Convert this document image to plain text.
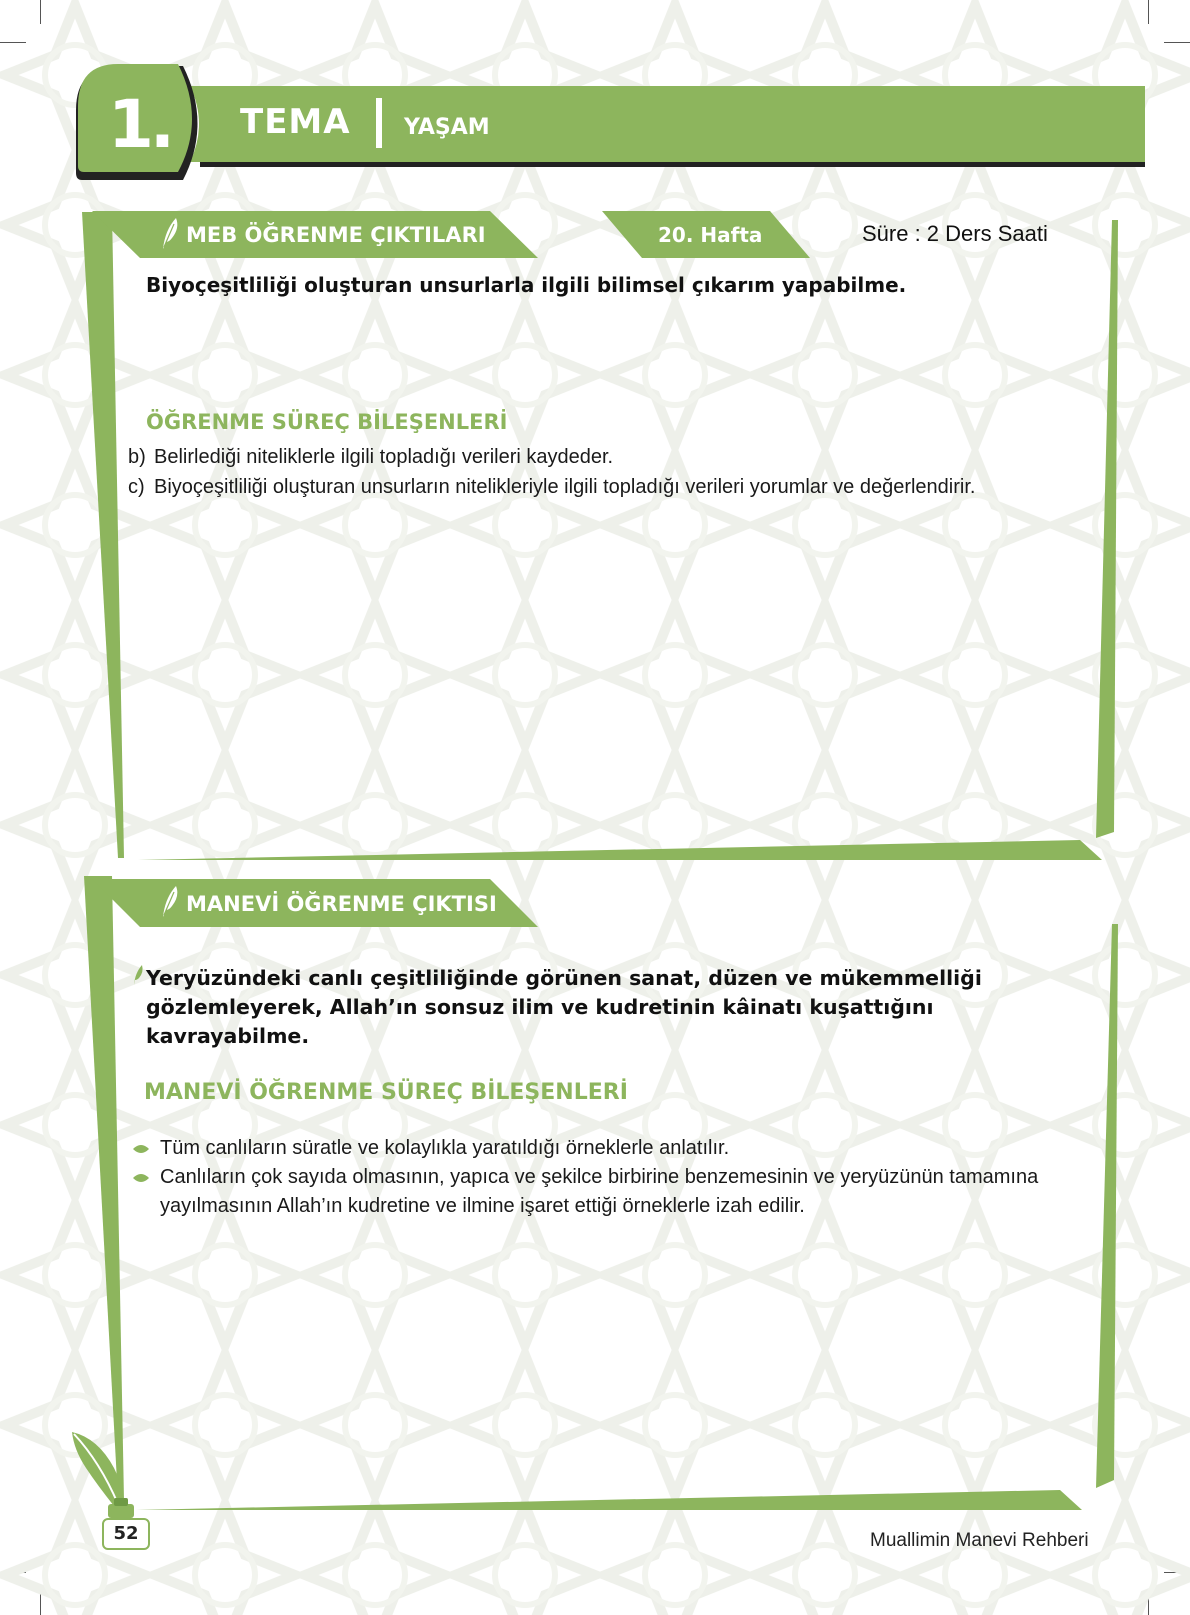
1.	TEMA YAŞAM
MEB ÖĞRENME ÇIKTILARI	20. Hafta	Süre : 2 Ders Saati
Biyoçeşitliliği oluşturan unsurlarla ilgili bilimsel çıkarım yapabilme.
ÖĞRENME SÜREÇ BİLEŞENLERİ
b) Belirlediği niteliklerle ilgili topladığı verileri kaydeder.
c) Biyoçeşitliliği oluşturan unsurların nitelikleriyle ilgili topladığı verileri yorumlar ve değerlendirir.
MANEVİ ÖĞRENME ÇIKTISI
Yeryüzündeki canlı çeşitliliğinde görünen sanat, düzen ve mükemmelliği gözlemleyerek, Allah’ın sonsuz ilim ve kudretinin kâinatı kuşattığını kavrayabilme.
MANEVİ ÖĞRENME SÜREÇ BİLEŞENLERİ
Tüm canlıların süratle ve kolaylıkla yaratıldığı örneklerle anlatılır.
Canlıların çok sayıda olmasının, yapıca ve şekilce birbirine benzemesinin ve yeryüzünün tamamına yayılmasının Allah’ın kudretine ve ilmine işaret ettiği örneklerle izah edilir.
52	Muallimin Manevi Rehberi
